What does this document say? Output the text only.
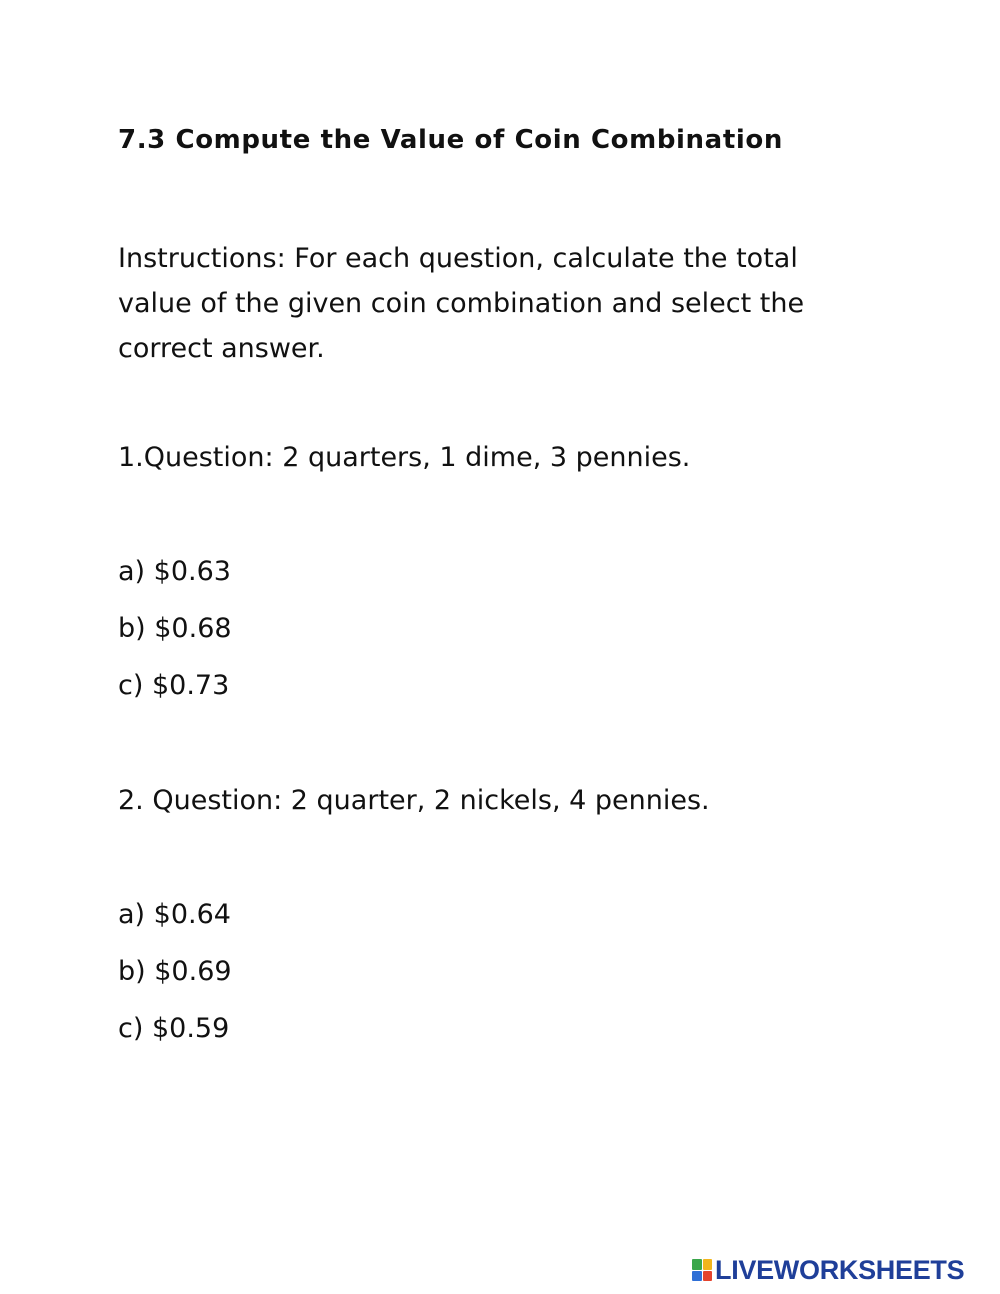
7.3 Compute the Value of Coin Combination
Instructions: For each question, calculate the total
value of the given coin combination and select the
correct answer.
1.Question: 2 quarters, 1 dime, 3 pennies.
a) $0.63
b) $0.68
c) $0.73
2. Question: 2 quarter, 2 nickels, 4 pennies.
a) $0.64
b) $0.69
c) $0.59
LIVEWORKSHEETS
